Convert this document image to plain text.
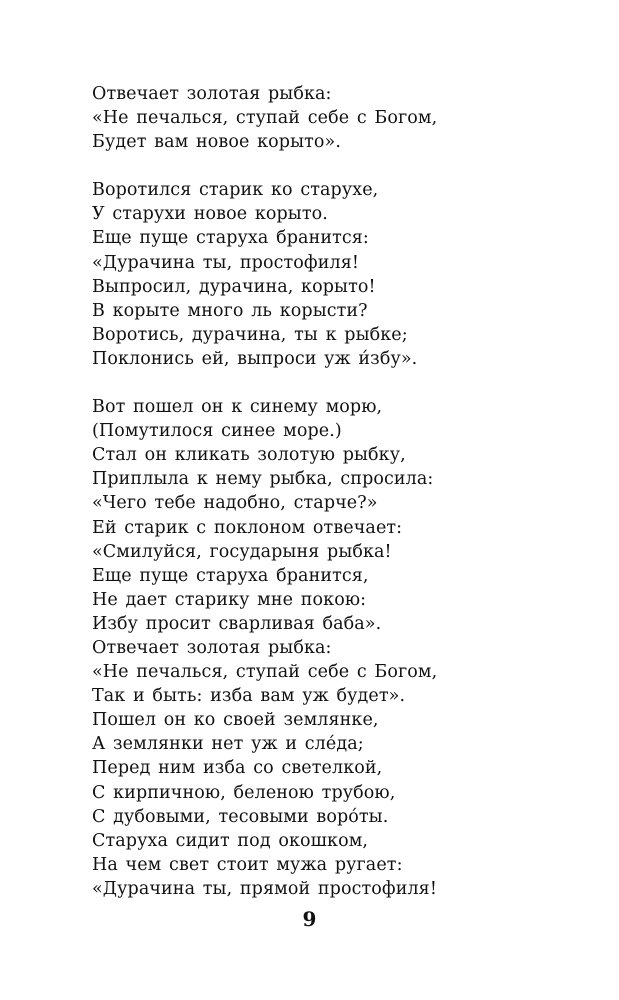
Отвечает золотая рыбка:
«Не печалься, ступай себе с Богом,
Будет вам новое корыто».

Воротился старик ко старухе,
У старухи новое корыто.
Еще пуще старуха бранится:
«Дурачина ты, простофиля!
Выпросил, дурачина, корыто!
В корыте много ль корысти?
Воротись, дурачина, ты к рыбке;
Поклонись ей, выпроси уж и́збу».

Вот пошел он к синему морю,
(Помутилося синее море.)
Стал он кликать золотую рыбку,
Приплыла к нему рыбка, спросила:
«Чего тебе надобно, старче?»
Ей старик с поклоном отвечает:
«Смилуйся, государыня рыбка!
Еще пуще старуха бранится,
Не дает старику мне покою:
Избу просит сварливая баба».
Отвечает золотая рыбка:
«Не печалься, ступай себе с Богом,
Так и быть: изба вам уж будет».
Пошел он ко своей землянке,
А землянки нет уж и сле́да;
Перед ним изба со светелкой,
С кирпичною, беленою трубою,
С дубовыми, тесовыми воро́ты.
Старуха сидит под окошком,
На чем свет стоит мужа ругает:
«Дурачина ты, прямой простофиля!

9
